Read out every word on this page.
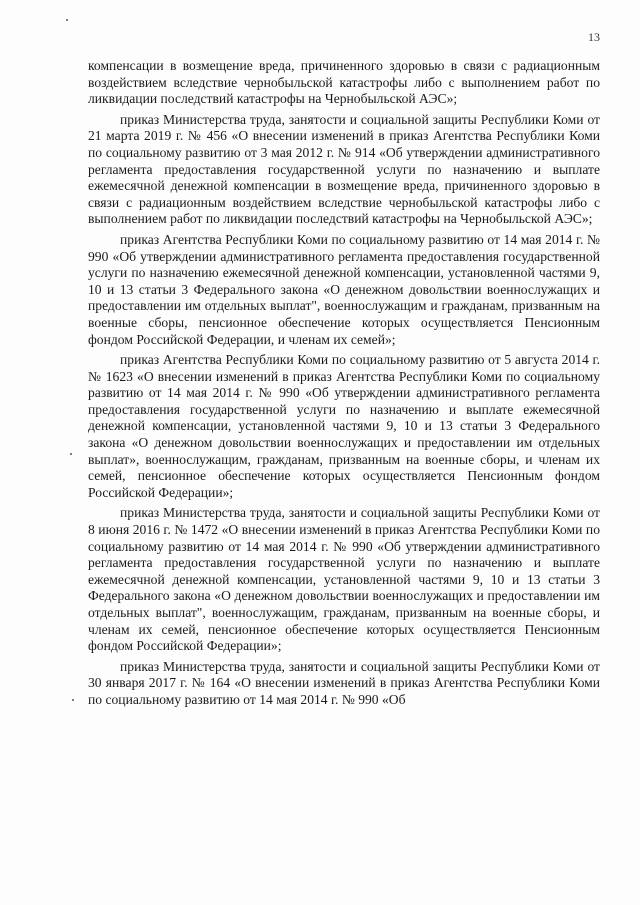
13

компенсации в возмещение вреда, причиненного здоровью в связи с радиационным воздействием вследствие чернобыльской катастрофы либо с выполнением работ по ликвидации последствий катастрофы на Чернобыльской АЭС»;

приказ Министерства труда, занятости и социальной защиты Республики Коми от 21 марта 2019 г. № 456 «О внесении изменений в приказ Агентства Республики Коми по социальному развитию от 3 мая 2012 г. № 914 «Об утверждении административного регламента предоставления государственной услуги по назначению и выплате ежемесячной денежной компенсации в возмещение вреда, причиненного здоровью в связи с радиационным воздействием вследствие чернобыльской катастрофы либо с выполнением работ по ликвидации последствий катастрофы на Чернобыльской АЭС»;

приказ Агентства Республики Коми по социальному развитию от 14 мая 2014 г. № 990 «Об утверждении административного регламента предоставления государственной услуги по назначению ежемесячной денежной компенсации, установленной частями 9, 10 и 13 статьи 3 Федерального закона «О денежном довольствии военнослужащих и предоставлении им отдельных выплат", военнослужащим и гражданам, призванным на военные сборы, пенсионное обеспечение которых осуществляется Пенсионным фондом Российской Федерации, и членам их семей»;

приказ Агентства Республики Коми по социальному развитию от 5 августа 2014 г. № 1623 «О внесении изменений в приказ Агентства Республики Коми по социальному развитию от 14 мая 2014 г. № 990 «Об утверждении административного регламента предоставления государственной услуги по назначению и выплате ежемесячной денежной компенсации, установленной частями 9, 10 и 13 статьи 3 Федерального закона «О денежном довольствии военнослужащих и предоставлении им отдельных выплат», военнослужащим, гражданам, призванным на военные сборы, и членам их семей, пенсионное обеспечение которых осуществляется Пенсионным фондом Российской Федерации»;

приказ Министерства труда, занятости и социальной защиты Республики Коми от 8 июня 2016 г. № 1472 «О внесении изменений в приказ Агентства Республики Коми по социальному развитию от 14 мая 2014 г. № 990 «Об утверждении административного регламента предоставления государственной услуги по назначению и выплате ежемесячной денежной компенсации, установленной частями 9, 10 и 13 статьи 3 Федерального закона «О денежном довольствии военнослужащих и предоставлении им отдельных выплат", военнослужащим, гражданам, призванным на военные сборы, и членам их семей, пенсионное обеспечение которых осуществляется Пенсионным фондом Российской Федерации»;

приказ Министерства труда, занятости и социальной защиты Республики Коми от 30 января 2017 г. № 164 «О внесении изменений в приказ Агентства Республики Коми по социальному развитию от 14 мая 2014 г. № 990 «Об
